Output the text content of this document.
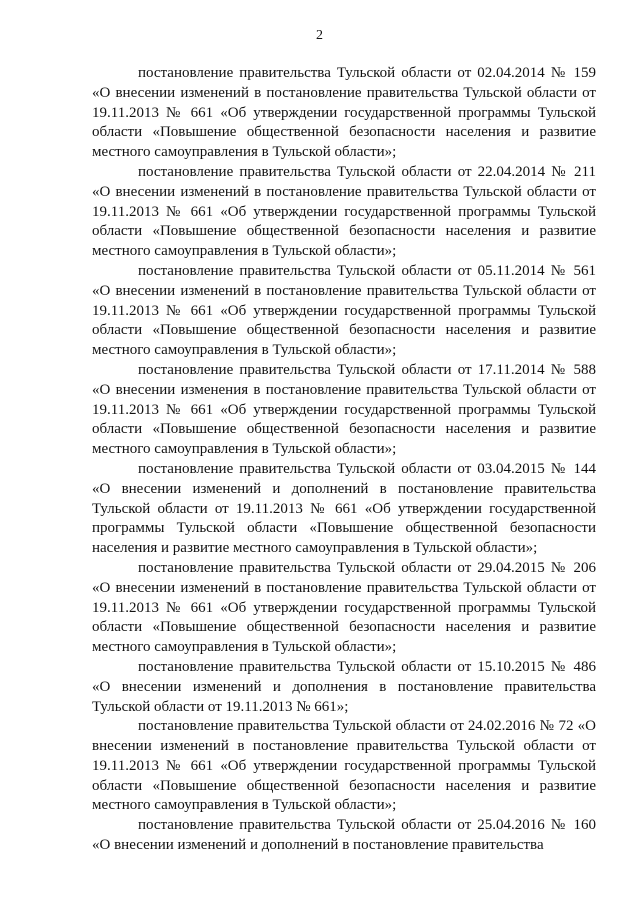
2

постановление правительства Тульской области от 02.04.2014 № 159 «О внесении изменений в постановление правительства Тульской области от 19.11.2013 № 661 «Об утверждении государственной программы Тульской области «Повышение общественной безопасности населения и развитие местного самоуправления в Тульской области»;

постановление правительства Тульской области от 22.04.2014 № 211 «О внесении изменений в постановление правительства Тульской области от 19.11.2013 № 661 «Об утверждении государственной программы Тульской области «Повышение общественной безопасности населения и развитие местного самоуправления в Тульской области»;

постановление правительства Тульской области от 05.11.2014 № 561 «О внесении изменений в постановление правительства Тульской области от 19.11.2013 № 661 «Об утверждении государственной программы Тульской области «Повышение общественной безопасности населения и развитие местного самоуправления в Тульской области»;

постановление правительства Тульской области от 17.11.2014 № 588 «О внесении изменения в постановление правительства Тульской области от 19.11.2013 № 661 «Об утверждении государственной программы Тульской области «Повышение общественной безопасности населения и развитие местного самоуправления в Тульской области»;

постановление правительства Тульской области от 03.04.2015 № 144 «О внесении изменений и дополнений в постановление правительства Тульской области от 19.11.2013 № 661 «Об утверждении государственной программы Тульской области «Повышение общественной безопасности населения и развитие местного самоуправления в Тульской области»;

постановление правительства Тульской области от 29.04.2015 № 206 «О внесении изменений в постановление правительства Тульской области от 19.11.2013 № 661 «Об утверждении государственной программы Тульской области «Повышение общественной безопасности населения и развитие местного самоуправления в Тульской области»;

постановление правительства Тульской области от 15.10.2015 № 486 «О внесении изменений и дополнения в постановление правительства Тульской области от 19.11.2013 № 661»;

постановление правительства Тульской области от 24.02.2016 № 72 «О внесении изменений в постановление правительства Тульской области от 19.11.2013 № 661 «Об утверждении государственной программы Тульской области «Повышение общественной безопасности населения и развитие местного самоуправления в Тульской области»;

постановление правительства Тульской области от 25.04.2016 № 160 «О внесении изменений и дополнений в постановление правительства
